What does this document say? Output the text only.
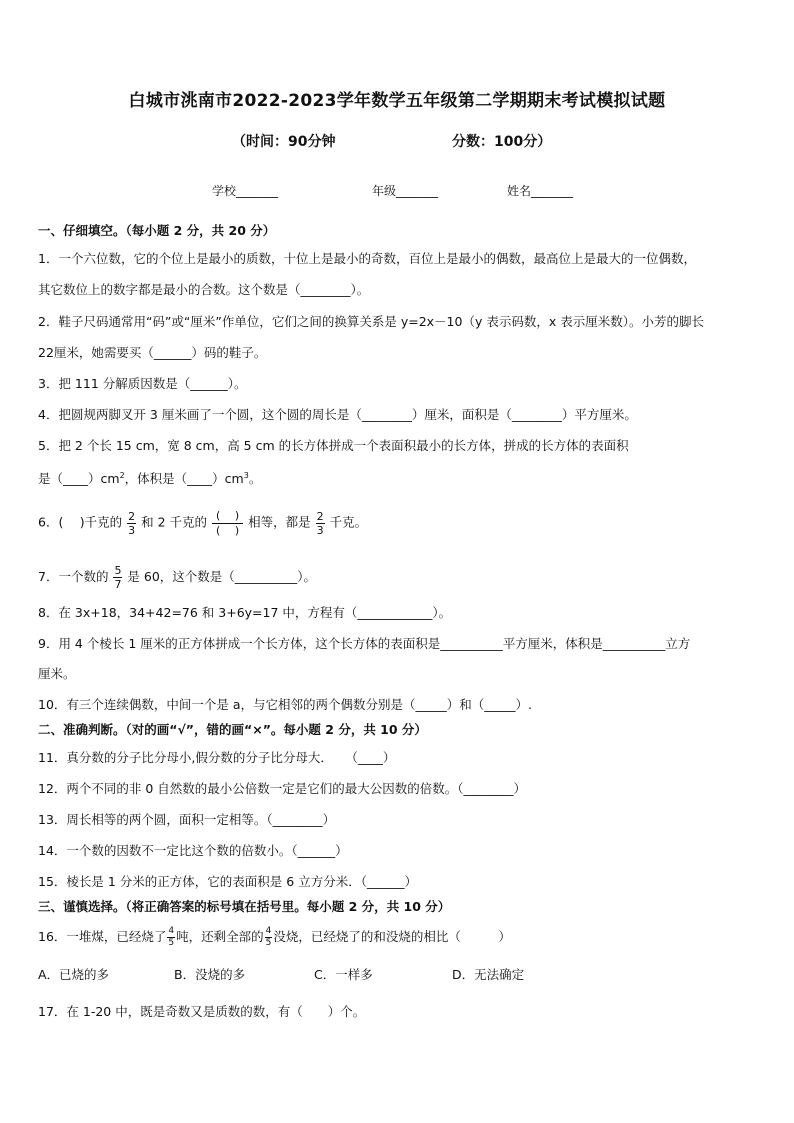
白城市洮南市2022-2023学年数学五年级第二学期期末考试模拟试题
（时间：90分钟	分数：100分）
学校_______	年级_______	姓名_______
一、仔细填空。（每小题 2 分，共 20 分）
1．一个六位数，它的个位上是最小的质数，十位上是最小的奇数，百位上是最小的偶数，最高位上是最大的一位偶数，
其它数位上的数字都是最小的合数。这个数是（________）。
2．鞋子尺码通常用“码”或“厘米”作单位，它们之间的换算关系是 y=2x－10（y 表示码数，x 表示厘米数）。小芳的脚长
22厘米，她需要买（______）码的鞋子。
3．把 111 分解质因数是（______）。
4．把圆规两脚叉开 3 厘米画了一个圆，这个圆的周长是（________）厘米，面积是（________）平方厘米。
5．把 2 个长 15 cm，宽 8 cm，高 5 cm 的长方体拼成一个表面积最小的长方体，拼成的长方体的表面积
是$(\_\_\_\_)cm^2$，体积是$(\_\_\_\_)cm^3$。
6．(　 )千克的 $\frac{2}{3}$ 和 2 千克的 $\frac{( )}{( )}$ 相等，都是 $\frac{2}{3}$ 千克。
7．一个数的 $\frac{5}{7}$ 是 60，这个数是（__________）。
8．在 3x+18，34+42=76 和 3+6y=17 中，方程有（____________）。
9．用 4 个棱长 1 厘米的正方体拼成一个长方体，这个长方体的表面积是__________平方厘米，体积是__________立方
厘米。
10．有三个连续偶数，中间一个是 a，与它相邻的两个偶数分别是（_____）和（_____）.
二、准确判断。（对的画“√”，错的画“×”。每小题 2 分，共 10 分）
11．真分数的分子比分母小,假分数的分子比分母大．　　（____）
12．两个不同的非 0 自然数的最小公倍数一定是它们的最大公因数的倍数。（________）
13．周长相等的两个圆，面积一定相等。（________）
14．一个数的因数不一定比这个数的倍数小。（______）
15．棱长是 1 分米的正方体，它的表面积是 6 立方分米．（______）
三、谨慎选择。（将正确答案的标号填在括号里。每小题 2 分，共 10 分）
16．一堆煤，已经烧了 $\frac{4}{5}$ 吨，还剩全部的 $\frac{4}{5}$ 没烧，已经烧了的和没烧的相比（　　　）
A．已烧的多	B．没烧的多	C．一样多	D．无法确定
17．在 1-20 中，既是奇数又是质数的数，有（　　）个。
